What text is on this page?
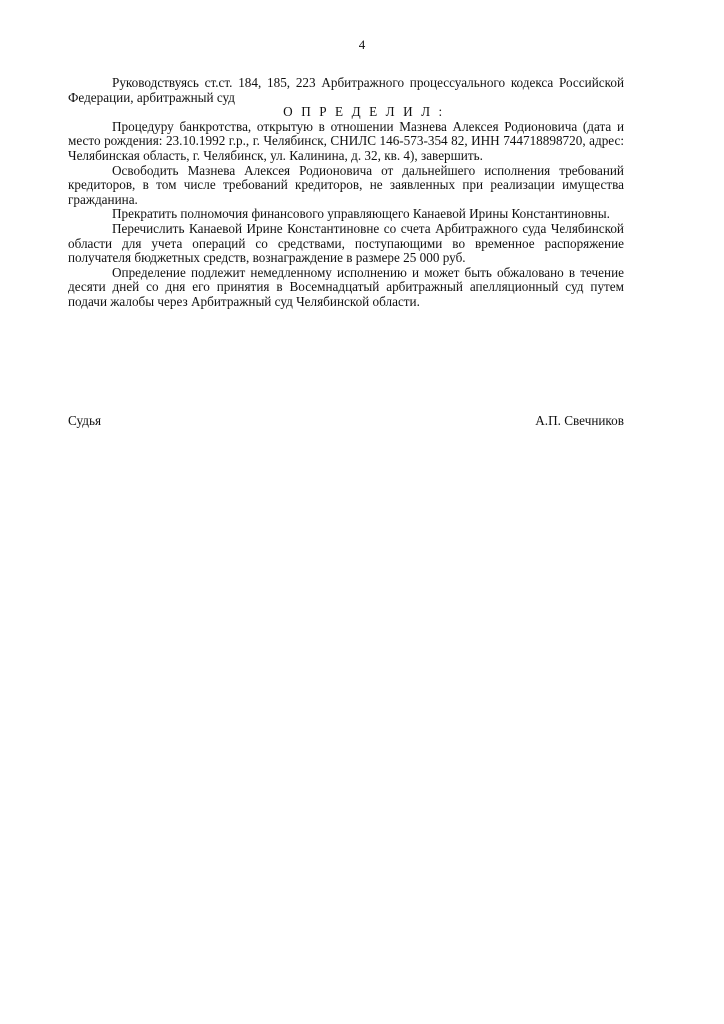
4

Руководствуясь ст.ст. 184, 185, 223 Арбитражного процессуального кодекса Российской Федерации, арбитражный суд

О П Р Е Д Е Л И Л :

Процедуру банкротства, открытую в отношении Мазнева Алексея Родионовича (дата и место рождения: 23.10.1992 г.р., г. Челябинск, СНИЛС 146-573-354 82, ИНН 744718898720, адрес: Челябинская область, г. Челябинск, ул. Калинина, д. 32, кв. 4), завершить.

Освободить Мазнева Алексея Родионовича от дальнейшего исполнения требований кредиторов, в том числе требований кредиторов, не заявленных при реализации имущества гражданина.

Прекратить полномочия финансового управляющего Канаевой Ирины Константиновны.

Перечислить Канаевой Ирине Константиновне со счета Арбитражного суда Челябинской области для учета операций со средствами, поступающими во временное распоряжение получателя бюджетных средств, вознаграждение в размере 25 000 руб.

Определение подлежит немедленному исполнению и может быть обжаловано в течение десяти дней со дня его принятия в Восемнадцатый арбитражный апелляционный суд путем подачи жалобы через Арбитражный суд Челябинской области.

Судья	А.П. Свечников
